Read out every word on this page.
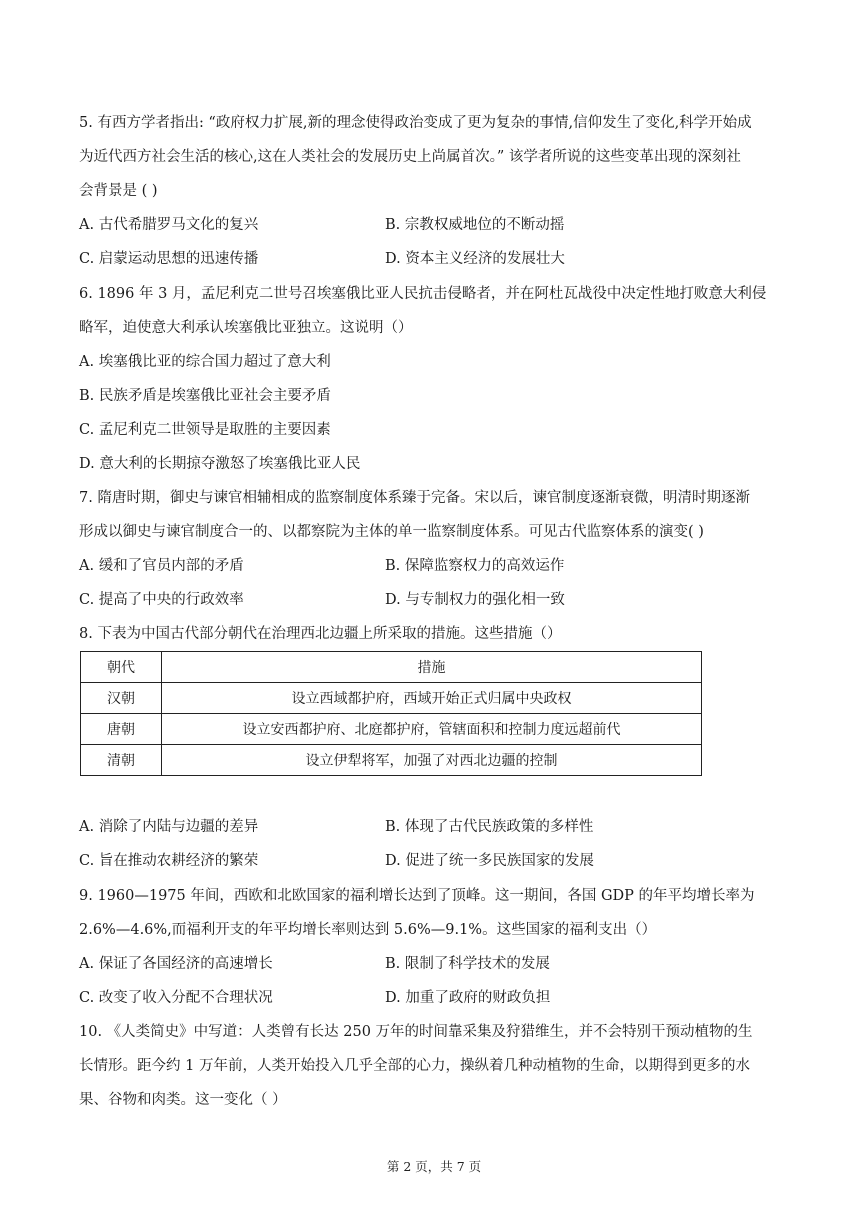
5. 有西方学者指出: “政府权力扩展,新的理念使得政治变成了更为复杂的事情,信仰发生了变化,科学开始成

为近代西方社会生活的核心,这在人类社会的发展历史上尚属首次。” 该学者所说的这些变革出现的深刻社

会背景是 ( )

A. 古代希腊罗马文化的复兴	B. 宗教权威地位的不断动摇
C. 启蒙运动思想的迅速传播	D. 资本主义经济的发展壮大

6. 1896 年 3 月，孟尼利克二世号召埃塞俄比亚人民抗击侵略者，并在阿杜瓦战役中决定性地打败意大利侵

略军，迫使意大利承认埃塞俄比亚独立。这说明（）

A. 埃塞俄比亚的综合国力超过了意大利
B. 民族矛盾是埃塞俄比亚社会主要矛盾
C. 孟尼利克二世领导是取胜的主要因素
D. 意大利的长期掠夺激怒了埃塞俄比亚人民

7. 隋唐时期，御史与谏官相辅相成的监察制度体系臻于完备。宋以后，谏官制度逐渐衰微，明清时期逐渐

形成以御史与谏官制度合一的、以都察院为主体的单一监察制度体系。可见古代监察体系的演变( )

A. 缓和了官员内部的矛盾	B. 保障监察权力的高效运作
C. 提高了中央的行政效率	D. 与专制权力的强化相一致

8. 下表为中国古代部分朝代在治理西北边疆上所采取的措施。这些措施（）

朝代	措施
汉朝	设立西域都护府，西域开始正式归属中央政权
唐朝	设立安西都护府、北庭都护府，管辖面积和控制力度远超前代
清朝	设立伊犁将军，加强了对西北边疆的控制
A. 消除了内陆与边疆的差异	B. 体现了古代民族政策的多样性
C. 旨在推动农耕经济的繁荣	D. 促进了统一多民族国家的发展

9. 1960—1975 年间，西欧和北欧国家的福利增长达到了顶峰。这一期间，各国 GDP 的年平均增长率为

2.6%—4.6%,而福利开支的年平均增长率则达到 5.6%—9.1%。这些国家的福利支出（）

A. 保证了各国经济的高速增长	B. 限制了科学技术的发展
C. 改变了收入分配不合理状况	D. 加重了政府的财政负担

10. 《人类简史》中写道：人类曾有长达 250 万年的时间靠采集及狩猎维生，并不会特别干预动植物的生

长情形。距今约 1 万年前，人类开始投入几乎全部的心力，操纵着几种动植物的生命，以期得到更多的水

果、谷物和肉类。这一变化（ ）

第 2 页，共 7 页
